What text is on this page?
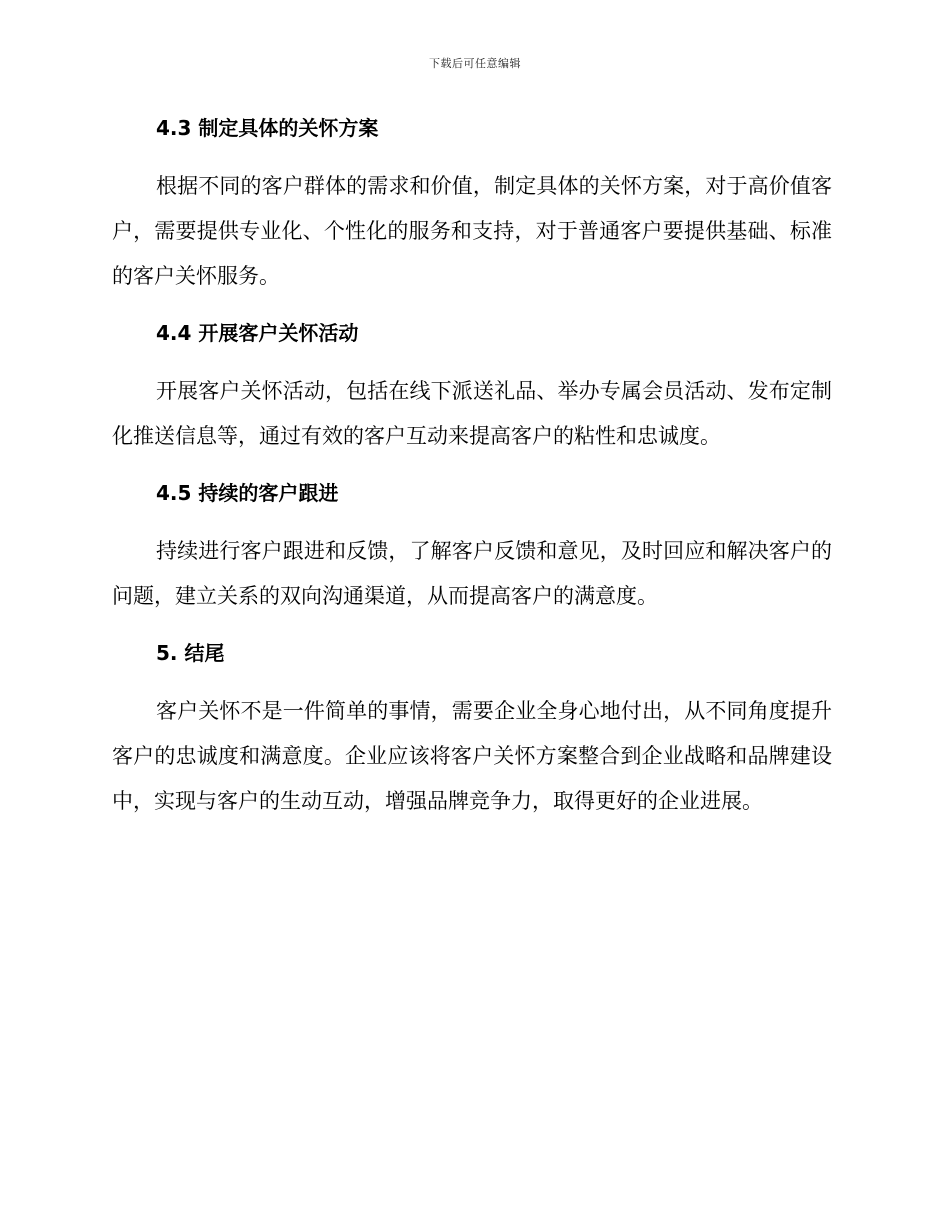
下载后可任意编辑
4.3 制定具体的关怀方案

根据不同的客户群体的需求和价值，制定具体的关怀方案，对于高价值客户，需要提供专业化、个性化的服务和支持，对于普通客户要提供基础、标准的客户关怀服务。

4.4 开展客户关怀活动

开展客户关怀活动，包括在线下派送礼品、举办专属会员活动、发布定制化推送信息等，通过有效的客户互动来提高客户的粘性和忠诚度。

4.5 持续的客户跟进

持续进行客户跟进和反馈，了解客户反馈和意见，及时回应和解决客户的问题，建立关系的双向沟通渠道，从而提高客户的满意度。

5. 结尾

客户关怀不是一件简单的事情，需要企业全身心地付出，从不同角度提升客户的忠诚度和满意度。企业应该将客户关怀方案整合到企业战略和品牌建设中，实现与客户的生动互动，增强品牌竞争力，取得更好的企业进展。
